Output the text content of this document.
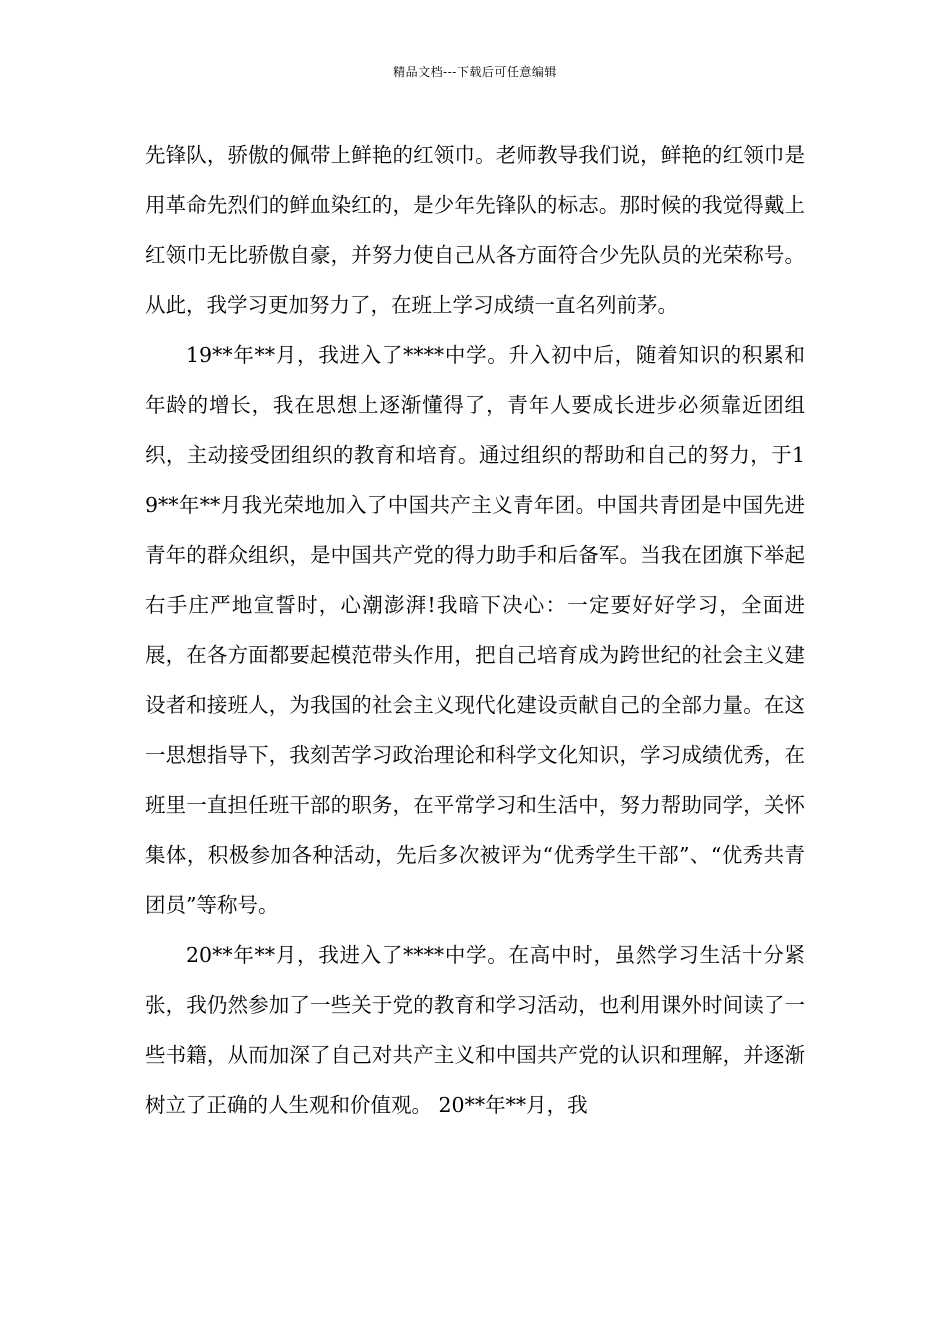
精品文档---下载后可任意编辑

先锋队，骄傲的佩带上鲜艳的红领巾。老师教导我们说，鲜艳的红领巾是用革命先烈们的鲜血染红的，是少年先锋队的标志。那时候的我觉得戴上红领巾无比骄傲自豪，并努力使自己从各方面符合少先队员的光荣称号。从此，我学习更加努力了，在班上学习成绩一直名列前茅。

19**年**月，我进入了****中学。升入初中后，随着知识的积累和年龄的增长，我在思想上逐渐懂得了，青年人要成长进步必须靠近团组织，主动接受团组织的教育和培育。通过组织的帮助和自己的努力，于19**年**月我光荣地加入了中国共产主义青年团。中国共青团是中国先进青年的群众组织，是中国共产党的得力助手和后备军。当我在团旗下举起右手庄严地宣誓时，心潮澎湃!我暗下决心：一定要好好学习，全面进展，在各方面都要起模范带头作用，把自己培育成为跨世纪的社会主义建设者和接班人，为我国的社会主义现代化建设贡献自己的全部力量。在这一思想指导下，我刻苦学习政治理论和科学文化知识，学习成绩优秀，在班里一直担任班干部的职务，在平常学习和生活中，努力帮助同学，关怀集体，积极参加各种活动，先后多次被评为“优秀学生干部”、“优秀共青团员”等称号。

20**年**月，我进入了****中学。在高中时，虽然学习生活十分紧张，我仍然参加了一些关于党的教育和学习活动，也利用课外时间读了一些书籍，从而加深了自己对共产主义和中国共产党的认识和理解，并逐渐树立了正确的人生观和价值观。 20**年**月，我
